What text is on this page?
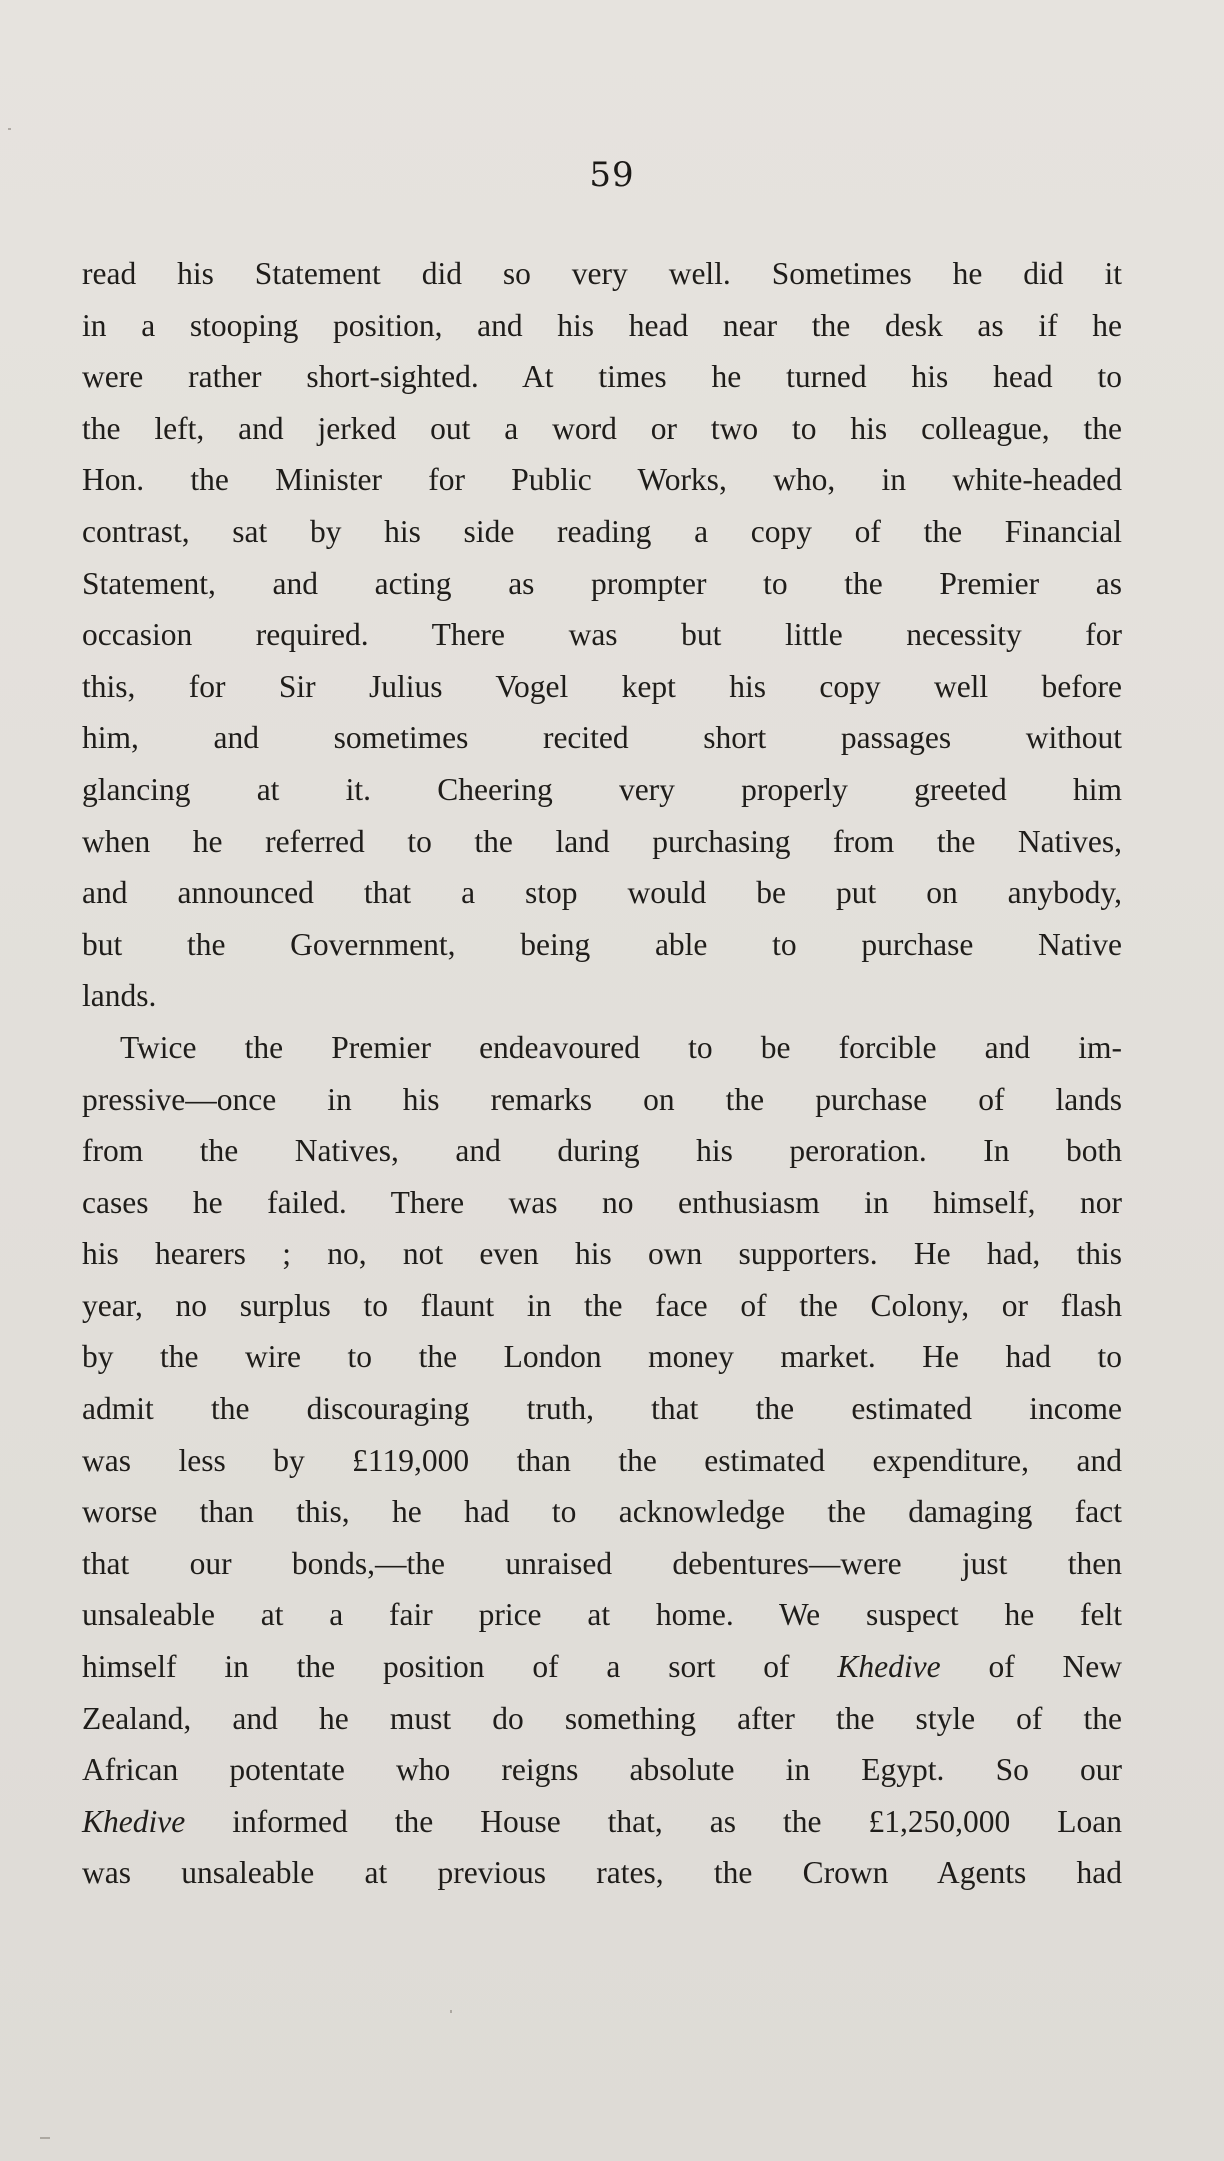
59
read his Statement did so very well. Sometimes he did it
in a stooping position, and his head near the desk as if he
were rather short-sighted. At times he turned his head to
the left, and jerked out a word or two to his colleague, the
Hon. the Minister for Public Works, who, in white-headed
contrast, sat by his side reading a copy of the Financial
Statement, and acting as prompter to the Premier as
occasion required. There was but little necessity for
this, for Sir Julius Vogel kept his copy well before
him, and sometimes recited short passages without
glancing at it. Cheering very properly greeted him
when he referred to the land purchasing from the Natives,
and announced that a stop would be put on anybody,
but the Government, being able to purchase Native
lands.
Twice the Premier endeavoured to be forcible and im-
pressive—once in his remarks on the purchase of lands
from the Natives, and during his peroration. In both
cases he failed. There was no enthusiasm in himself, nor
his hearers ; no, not even his own supporters. He had, this
year, no surplus to flaunt in the face of the Colony, or flash
by the wire to the London money market. He had to
admit the discouraging truth, that the estimated income
was less by £119,000 than the estimated expenditure, and
worse than this, he had to acknowledge the damaging fact
that our bonds,—the unraised debentures—were just then
unsaleable at a fair price at home. We suspect he felt
himself in the position of a sort of Khedive of New
Zealand, and he must do something after the style of the
African potentate who reigns absolute in Egypt. So our
Khedive informed the House that, as the £1,250,000 Loan
was unsaleable at previous rates, the Crown Agents had
